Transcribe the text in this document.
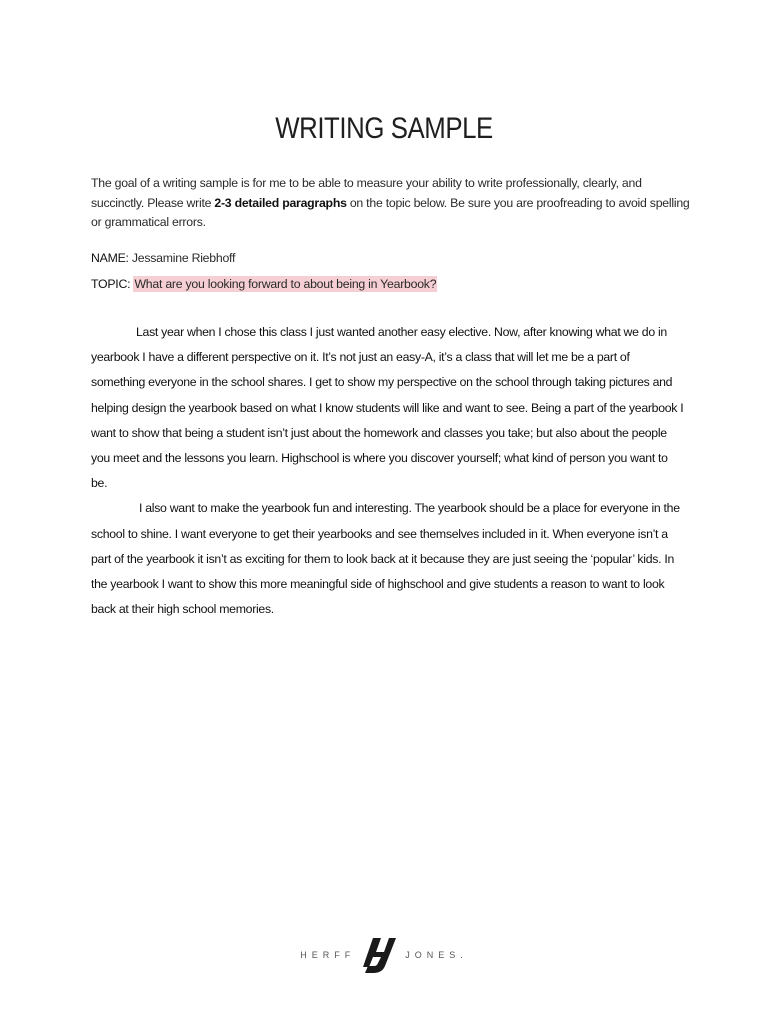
WRITING SAMPLE
The goal of a writing sample is for me to be able to measure your ability to write professionally, clearly, and succinctly. Please write 2-3 detailed paragraphs on the topic below. Be sure you are proofreading to avoid spelling or grammatical errors.
NAME: Jessamine Riebhoff
TOPIC: What are you looking forward to about being in Yearbook?

Last year when I chose this class I just wanted another easy elective. Now, after knowing what we do in yearbook I have a different perspective on it. It’s not just an easy-A, it’s a class that will let me be a part of something everyone in the school shares. I get to show my perspective on the school through taking pictures and helping design the yearbook based on what I know students will like and want to see. Being a part of the yearbook I want to show that being a student isn’t just about the homework and classes you take; but also about the people you meet and the lessons you learn. Highschool is where you discover yourself; what kind of person you want to be.

I also want to make the yearbook fun and interesting. The yearbook should be a place for everyone in the school to shine. I want everyone to get their yearbooks and see themselves included in it. When everyone isn’t a part of the yearbook it isn’t as exciting for them to look back at it because they are just seeing the ‘popular’ kids. In the yearbook I want to show this more meaningful side of highschool and give students a reason to want to look back at their high school memories.

HERFF	JONES.
